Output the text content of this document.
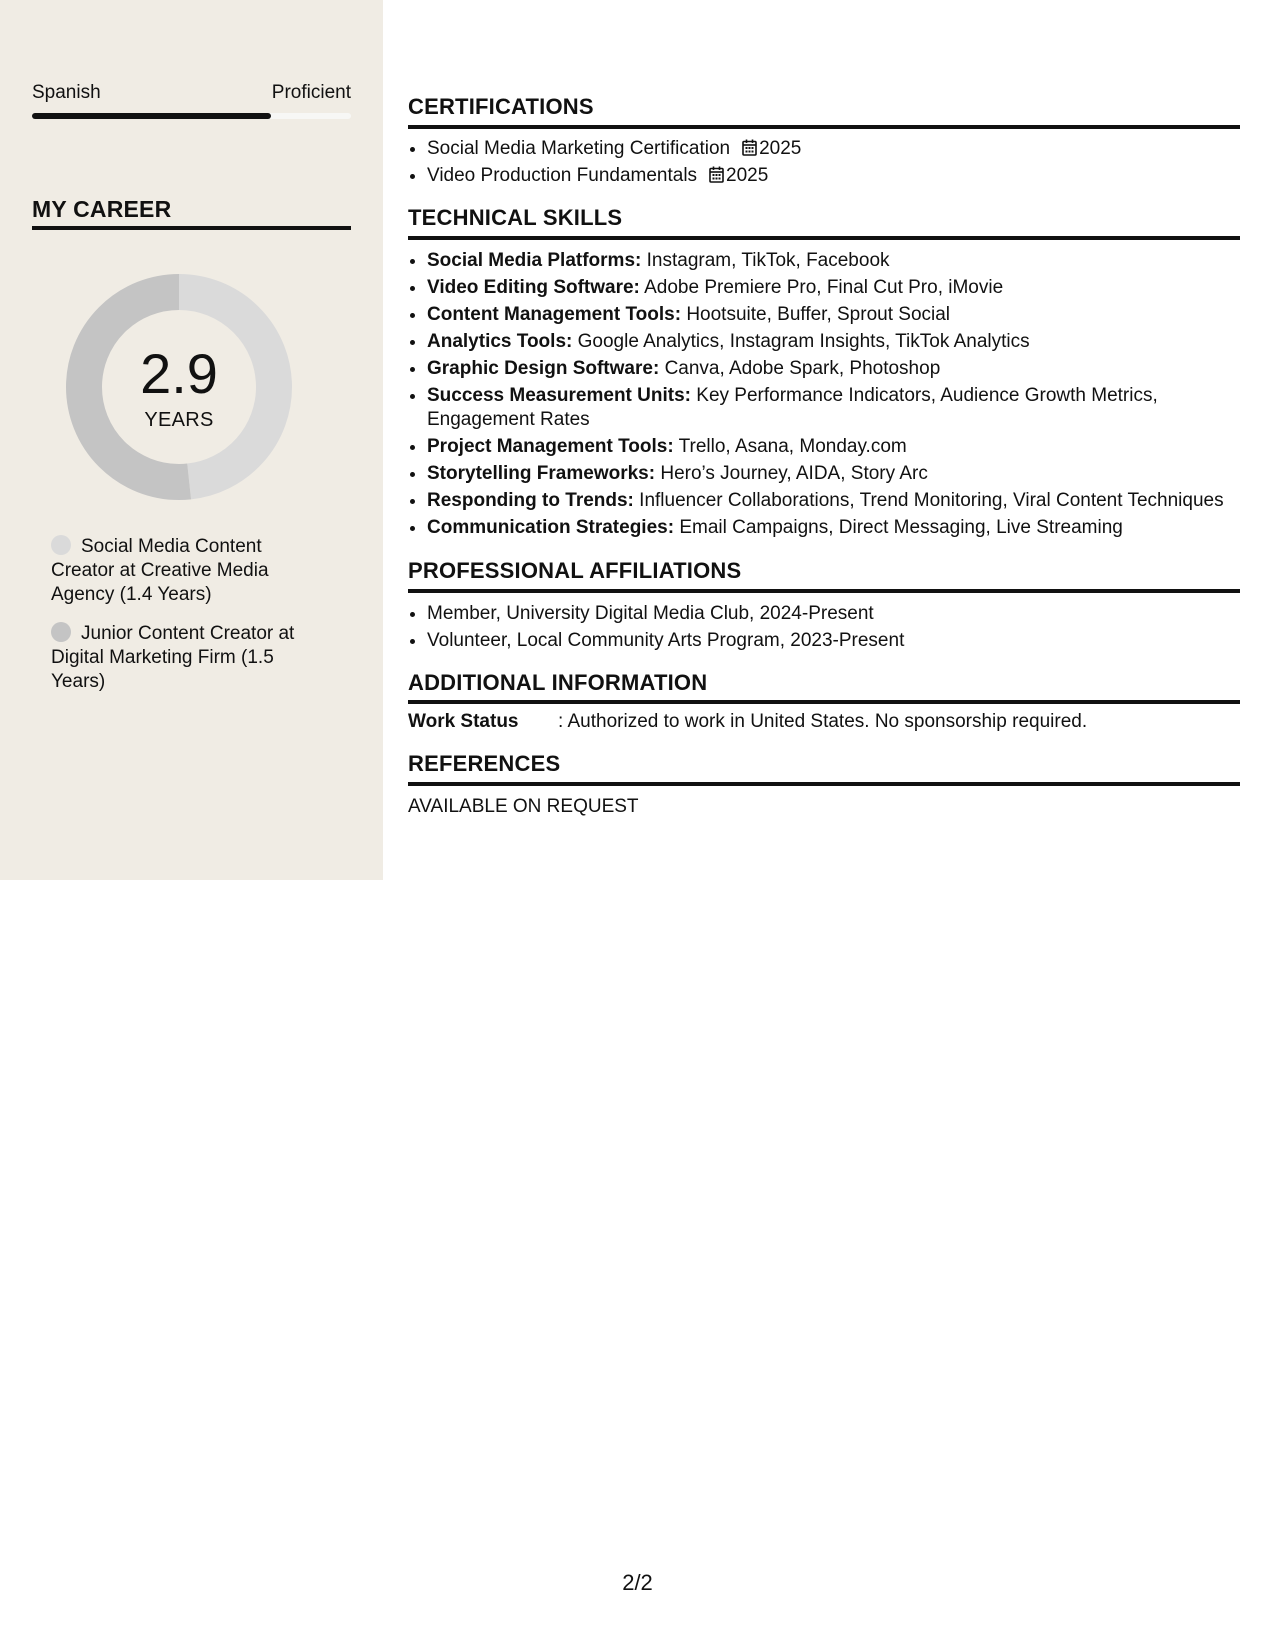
Spanish	Proficient
MY CAREER
2.9
YEARS
Social Media Content Creator at Creative Media Agency (1.4 Years)
Junior Content Creator at Digital Marketing Firm (1.5 Years)
CERTIFICATIONS
• Social Media Marketing Certification 2025
• Video Production Fundamentals 2025
TECHNICAL SKILLS
• Social Media Platforms: Instagram, TikTok, Facebook
• Video Editing Software: Adobe Premiere Pro, Final Cut Pro, iMovie
• Content Management Tools: Hootsuite, Buffer, Sprout Social
• Analytics Tools: Google Analytics, Instagram Insights, TikTok Analytics
• Graphic Design Software: Canva, Adobe Spark, Photoshop
• Success Measurement Units: Key Performance Indicators, Audience Growth Metrics, Engagement Rates
• Project Management Tools: Trello, Asana, Monday.com
• Storytelling Frameworks: Hero’s Journey, AIDA, Story Arc
• Responding to Trends: Influencer Collaborations, Trend Monitoring, Viral Content Techniques
• Communication Strategies: Email Campaigns, Direct Messaging, Live Streaming
PROFESSIONAL AFFILIATIONS
• Member, University Digital Media Club, 2024-Present
• Volunteer, Local Community Arts Program, 2023-Present
ADDITIONAL INFORMATION
Work Status : Authorized to work in United States. No sponsorship required.
REFERENCES
AVAILABLE ON REQUEST
2/2
